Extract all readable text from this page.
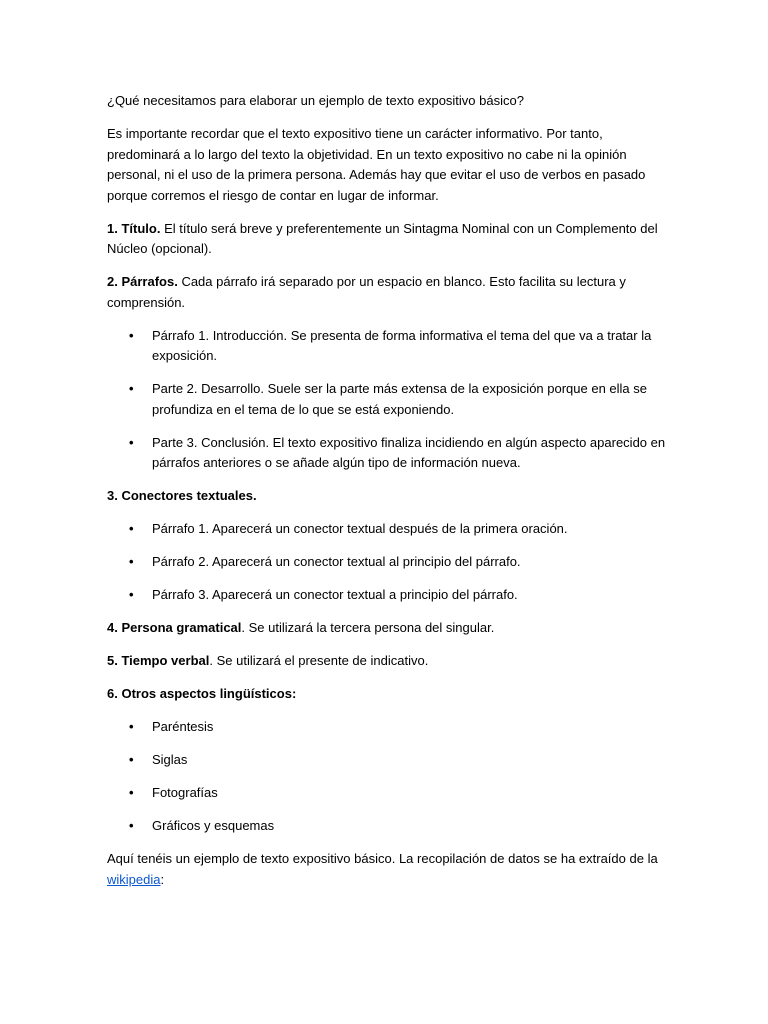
¿Qué necesitamos para elaborar un ejemplo de texto expositivo básico?

Es importante recordar que el texto expositivo tiene un carácter informativo. Por tanto, predominará a lo largo del texto la objetividad. En un texto expositivo no cabe ni la opinión personal, ni el uso de la primera persona. Además hay que evitar el uso de verbos en pasado porque corremos el riesgo de contar en lugar de informar.

1. Título. El título será breve y preferentemente un Sintagma Nominal con un Complemento del Núcleo (opcional).

2. Párrafos. Cada párrafo irá separado por un espacio en blanco. Esto facilita su lectura y comprensión.

• Párrafo 1. Introducción. Se presenta de forma informativa el tema del que va a tratar la exposición.
• Parte 2. Desarrollo. Suele ser la parte más extensa de la exposición porque en ella se profundiza en el tema de lo que se está exponiendo.
• Parte 3. Conclusión. El texto expositivo finaliza incidiendo en algún aspecto aparecido en párrafos anteriores o se añade algún tipo de información nueva.

3. Conectores textuales.

• Párrafo 1. Aparecerá un conector textual después de la primera oración.
• Párrafo 2. Aparecerá un conector textual al principio del párrafo.
• Párrafo 3. Aparecerá un conector textual a principio del párrafo.

4. Persona gramatical. Se utilizará la tercera persona del singular.

5. Tiempo verbal. Se utilizará el presente de indicativo.

6. Otros aspectos lingüísticos:

• Paréntesis
• Siglas
• Fotografías
• Gráficos y esquemas

Aquí tenéis un ejemplo de texto expositivo básico. La recopilación de datos se ha extraído de la wikipedia:
